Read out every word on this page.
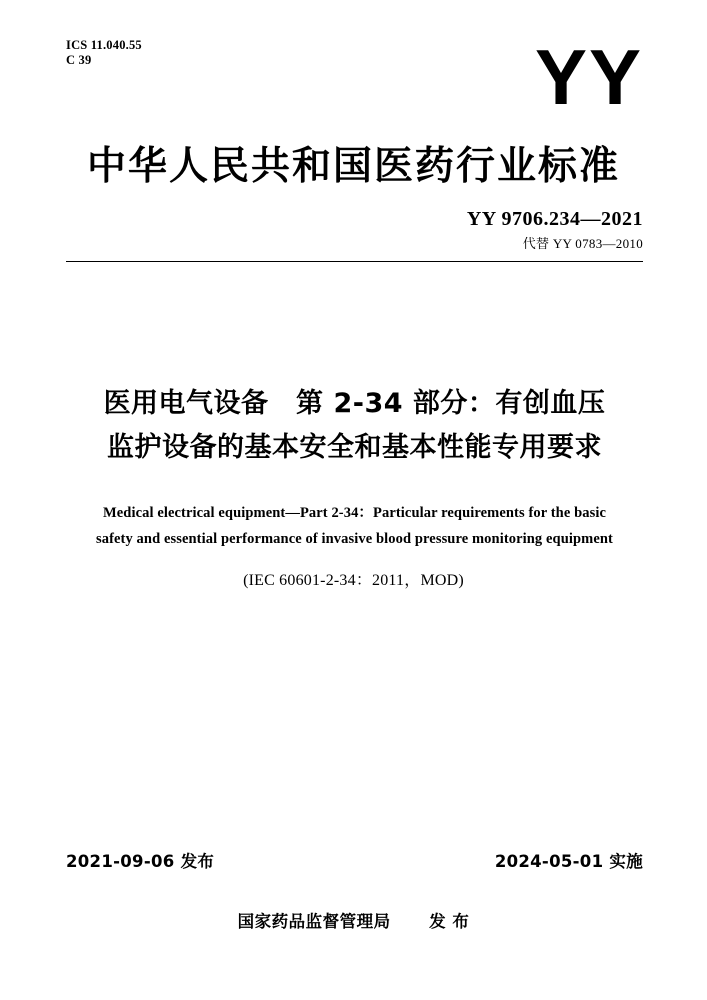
ICS 11.040.55
C 39	YY
中华人民共和国医药行业标准
YY 9706.234—2021
代替 YY 0783—2010
医用电气设备　第 2-34 部分：有创血压
监护设备的基本安全和基本性能专用要求
Medical electrical equipment—Part 2-34：Particular requirements for the basic
safety and essential performance of invasive blood pressure monitoring equipment
(IEC 60601-2-34：2011，MOD)
2021-09-06 发布	2024-05-01 实施
国家药品监督管理局 发 布
